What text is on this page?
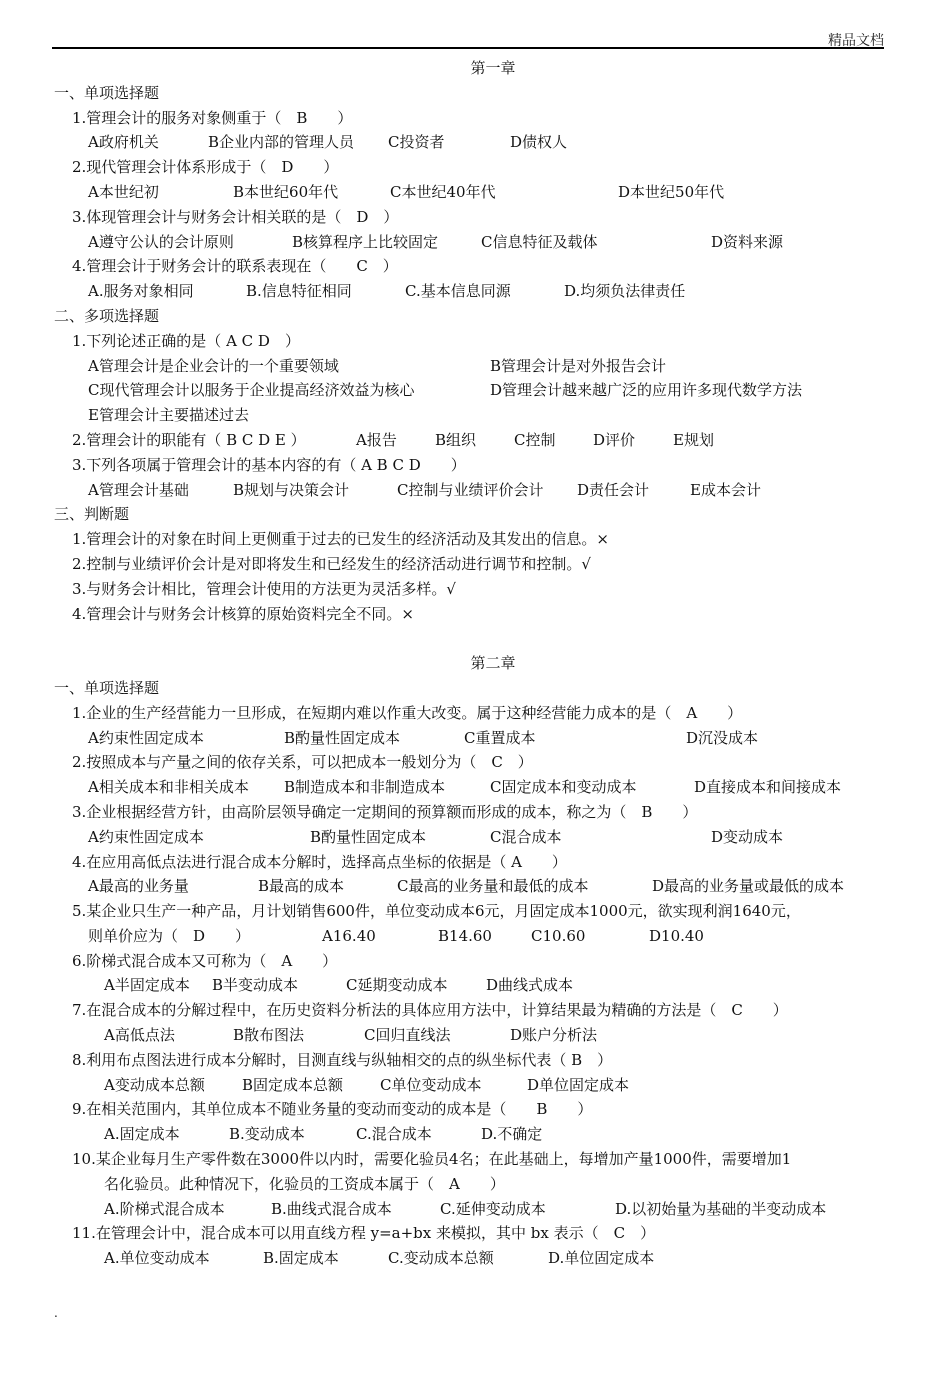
精品文档
第一章
一、单项选择题
1.管理会计的服务对象侧重于（　B　　）

A政府机关

	B企业内部的管理人员

C投资者

	D债权人

2.现代管理会计体系形成于（　D　　）

A本世纪初

	B本世纪60年代

	C本世纪40年代

	D本世纪50年代

3.体现管理会计与财务会计相关联的是（　D　）

A遵守公认的会计原则

	B核算程序上比较固定

	C信息特征及载体

	D资料来源

4.管理会计于财务会计的联系表现在（　　C　）

A.服务对象相同

	B.信息特征相同

	C.基本信息同源

	D.均须负法律责任

二、多项选择题
1.下列论述正确的是（ A C D　）

A管理会计是企业会计的一个重要领域

	B管理会计是对外报告会计

C现代管理会计以服务于企业提高经济效益为核心

	D管理会计越来越广泛的应用许多现代数学方法

E管理会计主要描述过去

2.管理会计的职能有（ B C D E ）

	A报告

	B组织

	C控制

	D评价

	E规划

3.下列各项属于管理会计的基本内容的有（ A B C D　　）

A管理会计基础

	B规划与决策会计

	C控制与业绩评价会计

D责任会计

	E成本会计

三、判断题
1.管理会计的对象在时间上更侧重于过去的已发生的经济活动及其发出的信息。×
2.控制与业绩评价会计是对即将发生和已经发生的经济活动进行调节和控制。√
3.与财务会计相比，管理会计使用的方法更为灵活多样。√
4.管理会计与财务会计核算的原始资料完全不同。×
第二章
一、单项选择题
1.企业的生产经营能力一旦形成，在短期内难以作重大改变。属于这种经营能力成本的是（　A　　）

A约束性固定成本

	B酌量性固定成本

	C重置成本

	D沉没成本

2.按照成本与产量之间的依存关系，可以把成本一般划分为（　C　）

A相关成本和非相关成本

B制造成本和非制造成本

	C固定成本和变动成本

	D直接成本和间接成本

3.企业根据经营方针，由高阶层领导确定一定期间的预算额而形成的成本，称之为（　B　　）

A约束性固定成本

	B酌量性固定成本

	C混合成本

	D变动成本

4.在应用高低点法进行混合成本分解时，选择高点坐标的依据是（ A　　）

A最高的业务量

	B最高的成本

	C最高的业务量和最低的成本

	D最高的业务量或最低的成本

5.某企业只生产一种产品，月计划销售600件，单位变动成本6元，月固定成本1000元，欲实现利润1640元，

则单价应为（　D　　）

	A16.40

	B14.60

	C10.60

	D10.40

6.阶梯式混合成本又可称为（　A　　）

A半固定成本

B半变动成本

	C延期变动成本

	D曲线式成本

7.在混合成本的分解过程中，在历史资料分析法的具体应用方法中，计算结果最为精确的方法是（　C　　）

A高低点法

	B散布图法

	C回归直线法

	D账户分析法

8.利用布点图法进行成本分解时，目测直线与纵轴相交的点的纵坐标代表（ B　）

A变动成本总额

B固定成本总额

C单位变动成本

	D单位固定成本

9.在相关范围内，其单位成本不随业务量的变动而变动的成本是（　　B　　）

A.固定成本

	B.变动成本

	C.混合成本

	D.不确定

10.某企业每月生产零件数在3000件以内时，需要化验员4名；在此基础上，每增加产量1000件，需要增加1
名化验员。此种情况下，化验员的工资成本属于（　A　　）

A.阶梯式混合成本

	B.曲线式混合成本

	C.延伸变动成本

	D.以初始量为基础的半变动成本

11.在管理会计中，混合成本可以用直线方程 y=a+bx 来模拟，其中 bx 表示（　C　）

A.单位变动成本

	B.固定成本

	C.变动成本总额

	D.单位固定成本

.
